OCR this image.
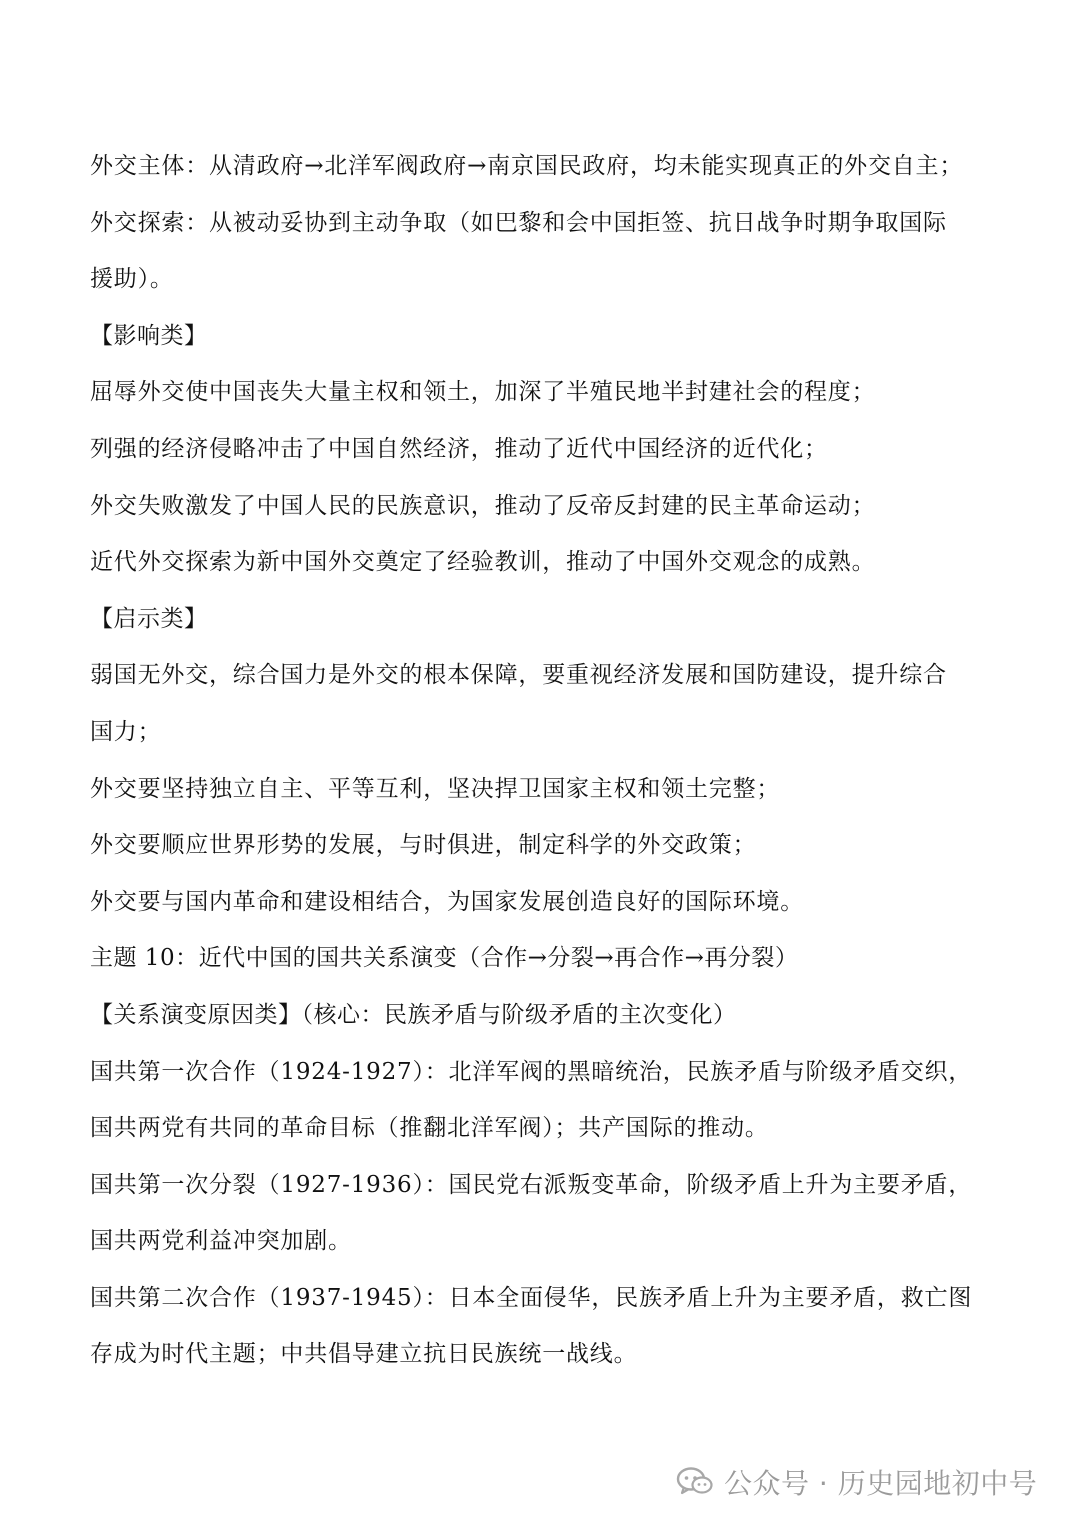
外交主体：从清政府→北洋军阀政府→南京国民政府，均未能实现真正的外交自主；
外交探索：从被动妥协到主动争取（如巴黎和会中国拒签、抗日战争时期争取国际
援助）。
【影响类】
屈辱外交使中国丧失大量主权和领土，加深了半殖民地半封建社会的程度；
列强的经济侵略冲击了中国自然经济，推动了近代中国经济的近代化；
外交失败激发了中国人民的民族意识，推动了反帝反封建的民主革命运动；
近代外交探索为新中国外交奠定了经验教训，推动了中国外交观念的成熟。
【启示类】
弱国无外交，综合国力是外交的根本保障，要重视经济发展和国防建设，提升综合
国力；
外交要坚持独立自主、平等互利，坚决捍卫国家主权和领土完整；
外交要顺应世界形势的发展，与时俱进，制定科学的外交政策；
外交要与国内革命和建设相结合，为国家发展创造良好的国际环境。
主题 10：近代中国的国共关系演变（合作→分裂→再合作→再分裂）
【关系演变原因类】（核心：民族矛盾与阶级矛盾的主次变化）
国共第一次合作（1924-1927）：北洋军阀的黑暗统治，民族矛盾与阶级矛盾交织，
国共两党有共同的革命目标（推翻北洋军阀）；共产国际的推动。
国共第一次分裂（1927-1936）：国民党右派叛变革命，阶级矛盾上升为主要矛盾，
国共两党利益冲突加剧。
国共第二次合作（1937-1945）：日本全面侵华，民族矛盾上升为主要矛盾，救亡图
存成为时代主题；中共倡导建立抗日民族统一战线。
公众号 · 历史园地初中号
